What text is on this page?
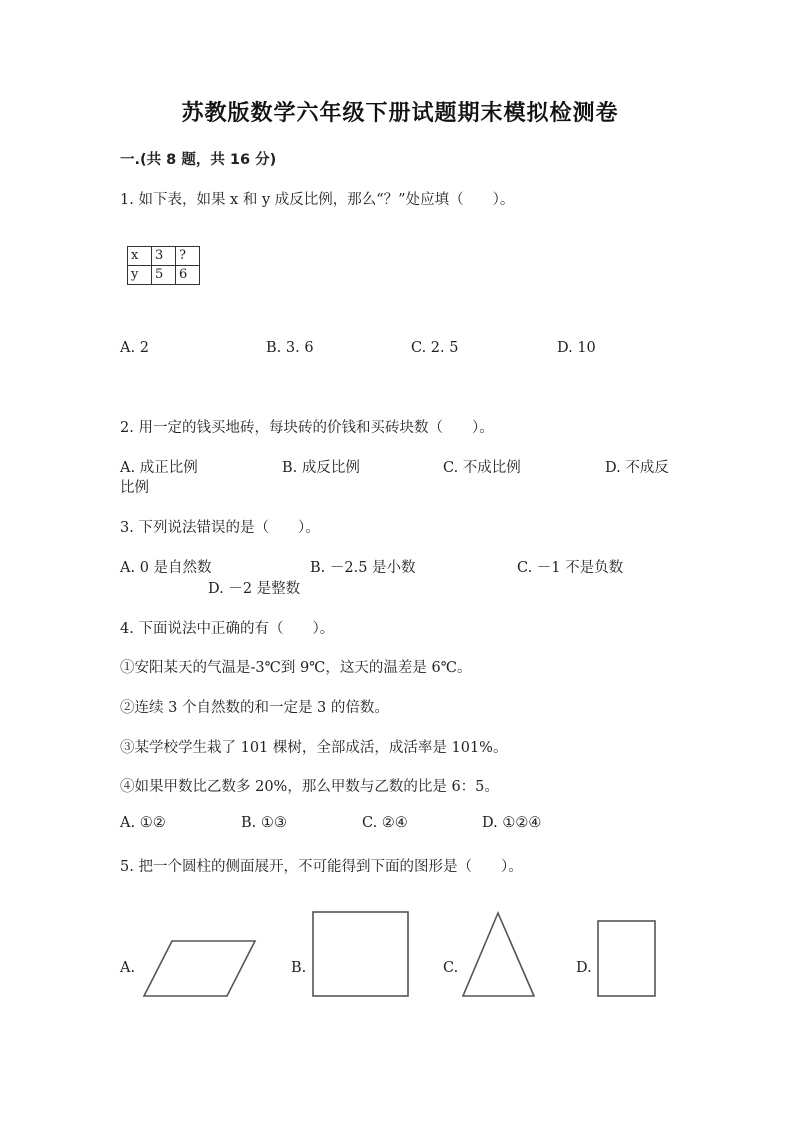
苏教版数学六年级下册试题期末模拟检测卷
一.(共 8 题，共 16 分)
1. 如下表，如果 x 和 y 成反比例，那么“？”处应填（　　）。
x	3	?
y	5	6
A. 2	B. 3. 6	C. 2. 5	D. 10
2. 用一定的钱买地砖，每块砖的价钱和买砖块数（　　）。
A. 成正比例	B. 成反比例	C. 不成比例	D. 不成反
比例
3. 下列说法错误的是（　　）。
A. 0 是自然数	B. －2.5 是小数	C. －1 不是负数
D. －2 是整数
4. 下面说法中正确的有（　　）。
①安阳某天的气温是-3℃到 9℃，这天的温差是 6℃。
②连续 3 个自然数的和一定是 3 的倍数。
③某学校学生栽了 101 棵树，全部成活，成活率是 101%。
④如果甲数比乙数多 20%，那么甲数与乙数的比是 6：5。
A. ①②	B. ①③	C. ②④	D. ①②④
5. 把一个圆柱的侧面展开，不可能得到下面的图形是（　　）。
A.	B.	C.	D.
